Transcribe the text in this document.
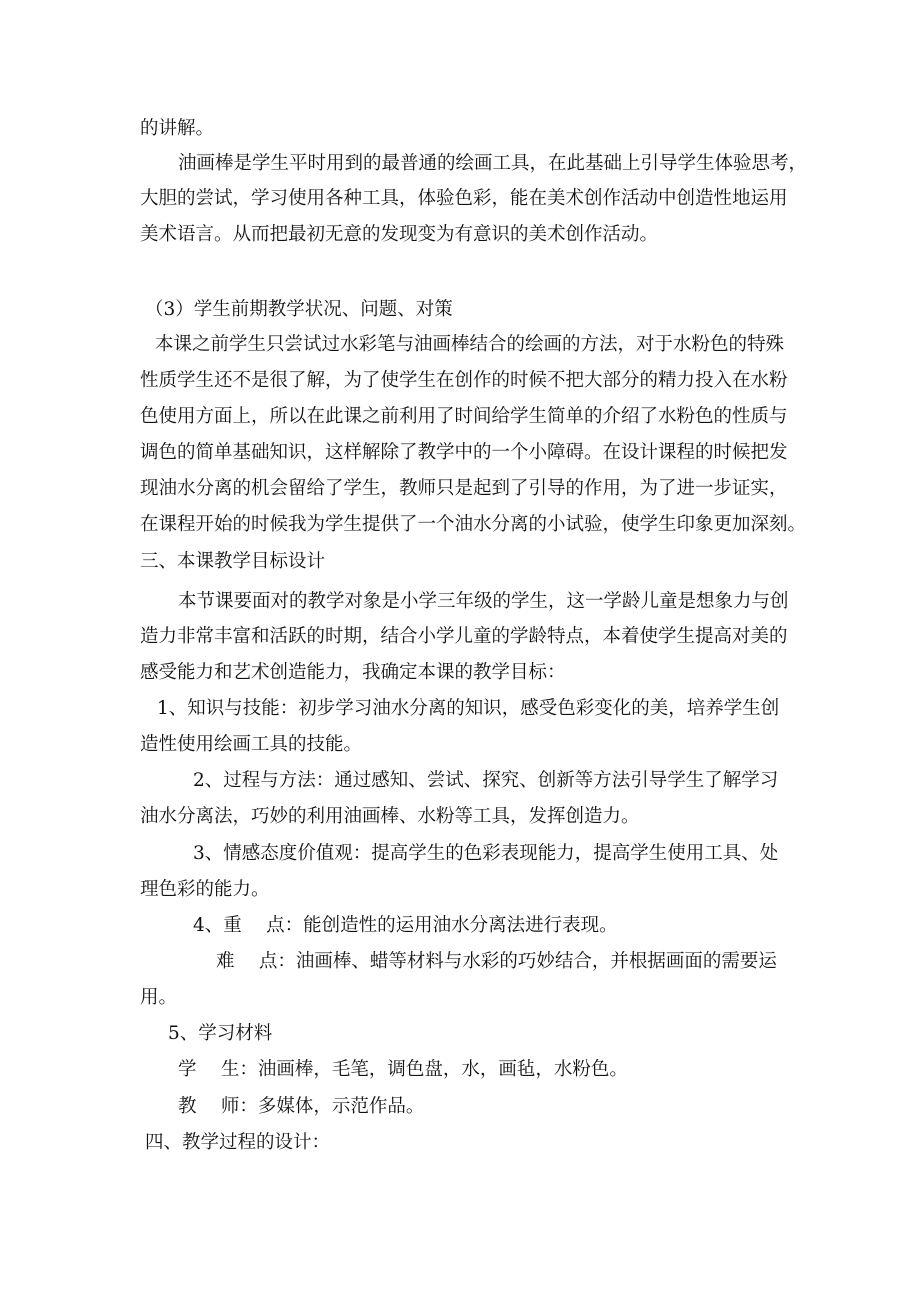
的讲解。
油画棒是学生平时用到的最普通的绘画工具，在此基础上引导学生体验思考，
大胆的尝试，学习使用各种工具，体验色彩，能在美术创作活动中创造性地运用
美术语言。从而把最初无意的发现变为有意识的美术创作活动。
（3）学生前期教学状况、问题、对策
本课之前学生只尝试过水彩笔与油画棒结合的绘画的方法，对于水粉色的特殊
性质学生还不是很了解，为了使学生在创作的时候不把大部分的精力投入在水粉
色使用方面上，所以在此课之前利用了时间给学生简单的介绍了水粉色的性质与
调色的简单基础知识，这样解除了教学中的一个小障碍。在设计课程的时候把发
现油水分离的机会留给了学生，教师只是起到了引导的作用，为了进一步证实，
在课程开始的时候我为学生提供了一个油水分离的小试验，使学生印象更加深刻。
三、本课教学目标设计
本节课要面对的教学对象是小学三年级的学生，这一学龄儿童是想象力与创
造力非常丰富和活跃的时期，结合小学儿童的学龄特点，本着使学生提高对美的
感受能力和艺术创造能力，我确定本课的教学目标：
1、知识与技能：初步学习油水分离的知识，感受色彩变化的美，培养学生创
造性使用绘画工具的技能。
2、过程与方法：通过感知、尝试、探究、创新等方法引导学生了解学习
油水分离法，巧妙的利用油画棒、水粉等工具，发挥创造力。
3、情感态度价值观：提高学生的色彩表现能力，提高学生使用工具、处
理色彩的能力。
4、重　 点：能创造性的运用油水分离法进行表现。
难　 点：油画棒、蜡等材料与水彩的巧妙结合，并根据画面的需要运
用。
5、学习材料
学　 生：油画棒，毛笔，调色盘，水，画毡，水粉色。
教　 师：多媒体，示范作品。
四、教学过程的设计：
